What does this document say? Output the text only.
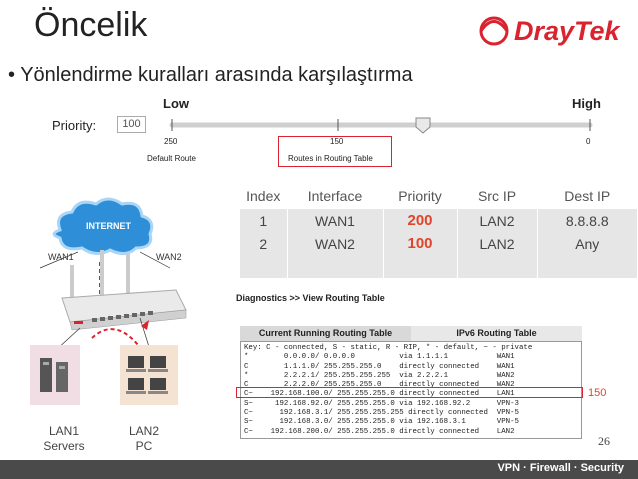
Öncelik	DrayTek
• Yönlendirme kuralları arasında karşılaştırma
Low	High
Priority:	100
250	150	0
Default Route	Routes in Routing Table
INTERNET
WAN1	WAN2
LAN1
Servers
LAN2
PC
Index	Interface	Priority	Src IP	Dest IP
1	WAN1	200	LAN2	8.8.8.8
2	WAN2	100	LAN2	Any

Diagnostics >> View Routing Table
Current Running Routing Table	IPv6 Routing Table
Key: C - connected, S - static, R - RIP, * - default, ~ - private
*        0.0.0.0/ 0.0.0.0          via 1.1.1.1           WAN1
C        1.1.1.0/ 255.255.255.0    directly connected    WAN1
*        2.2.2.1/ 255.255.255.255  via 2.2.2.1           WAN2
C        2.2.2.0/ 255.255.255.0    directly connected    WAN2
C~    192.168.100.0/ 255.255.255.0 directly connected    LAN1
S~     192.168.92.0/ 255.255.255.0 via 192.168.92.2      VPN-3
C~      192.168.3.1/ 255.255.255.255 directly connected  VPN-5
S~      192.168.3.0/ 255.255.255.0 via 192.168.3.1       VPN-5
C~    192.168.200.0/ 255.255.255.0 directly connected    LAN2
150
26
VPN · Firewall · Security
